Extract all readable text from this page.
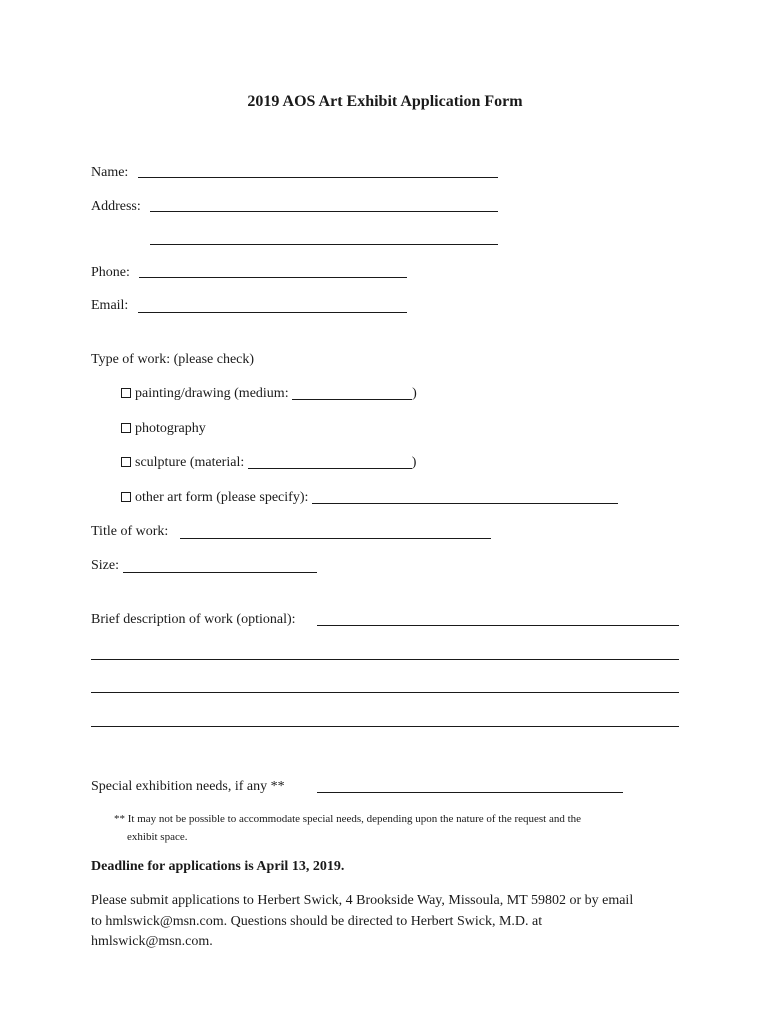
2019 AOS Art Exhibit Application Form
Name:
Address:
Phone:
Email:
Type of work: (please check)
painting/drawing (medium:	)
photography
sculpture (material:	)
other art form (please specify):
Title of work:
Size:
Brief description of work (optional):
Special exhibition needs, if any **
** It may not be possible to accommodate special needs, depending upon the nature of the request and the
exhibit space.
Deadline for applications is April 13, 2019.
Please submit applications to Herbert Swick, 4 Brookside Way, Missoula, MT 59802 or by email
to hmlswick@msn.com. Questions should be directed to Herbert Swick, M.D. at
hmlswick@msn.com.
